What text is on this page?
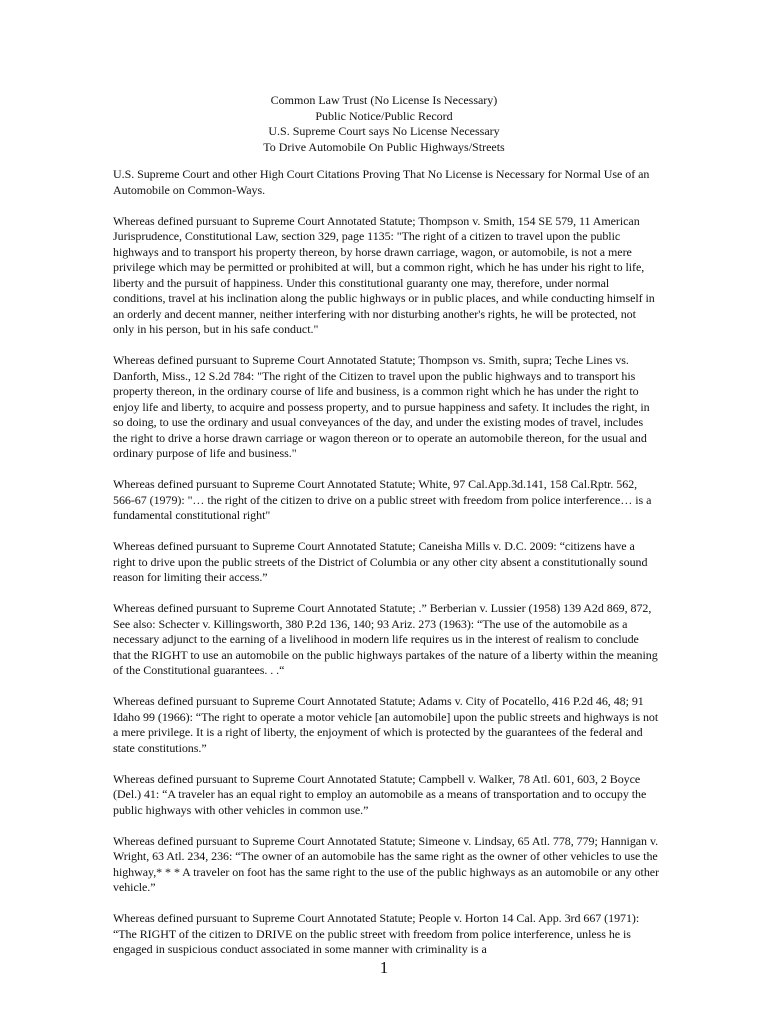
Common Law Trust (No License Is Necessary)
Public Notice/Public Record
U.S. Supreme Court says No License Necessary
To Drive Automobile On Public Highways/Streets

U.S. Supreme Court and other High Court Citations Proving That No License is Necessary for Normal Use of an Automobile on Common-Ways.

Whereas defined pursuant to Supreme Court Annotated Statute; Thompson v. Smith, 154 SE 579, 11 American Jurisprudence, Constitutional Law, section 329, page 1135: "The right of a citizen to travel upon the public highways and to transport his property thereon, by horse drawn carriage, wagon, or automobile, is not a mere privilege which may be permitted or prohibited at will, but a common right, which he has under his right to life, liberty and the pursuit of happiness. Under this constitutional guaranty one may, therefore, under normal conditions, travel at his inclination along the public highways or in public places, and while conducting himself in an orderly and decent manner, neither interfering with nor disturbing another's rights, he will be protected, not only in his person, but in his safe conduct."

Whereas defined pursuant to Supreme Court Annotated Statute; Thompson vs. Smith, supra; Teche Lines vs. Danforth, Miss., 12 S.2d 784: "The right of the Citizen to travel upon the public highways and to transport his property thereon, in the ordinary course of life and business, is a common right which he has under the right to enjoy life and liberty, to acquire and possess property, and to pursue happiness and safety. It includes the right, in so doing, to use the ordinary and usual conveyances of the day, and under the existing modes of travel, includes the right to drive a horse drawn carriage or wagon thereon or to operate an automobile thereon, for the usual and ordinary purpose of life and business."

Whereas defined pursuant to Supreme Court Annotated Statute; White, 97 Cal.App.3d.141, 158 Cal.Rptr. 562, 566-67 (1979): "… the right of the citizen to drive on a public street with freedom from police interference… is a fundamental constitutional right"

Whereas defined pursuant to Supreme Court Annotated Statute; Caneisha Mills v. D.C. 2009: “citizens have a right to drive upon the public streets of the District of Columbia or any other city absent a constitutionally sound reason for limiting their access.”

Whereas defined pursuant to Supreme Court Annotated Statute; .” Berberian v. Lussier (1958) 139 A2d 869, 872, See also: Schecter v. Killingsworth, 380 P.2d 136, 140; 93 Ariz. 273 (1963): “The use of the automobile as a necessary adjunct to the earning of a livelihood in modern life requires us in the interest of realism to conclude that the RIGHT to use an automobile on the public highways partakes of the nature of a liberty within the meaning of the Constitutional guarantees. . .“

Whereas defined pursuant to Supreme Court Annotated Statute; Adams v. City of Pocatello, 416 P.2d 46, 48; 91 Idaho 99 (1966): “The right to operate a motor vehicle [an automobile] upon the public streets and highways is not a mere privilege. It is a right of liberty, the enjoyment of which is protected by the guarantees of the federal and state constitutions.”

Whereas defined pursuant to Supreme Court Annotated Statute; Campbell v. Walker, 78 Atl. 601, 603, 2 Boyce (Del.) 41: “A traveler has an equal right to employ an automobile as a means of transportation and to occupy the public highways with other vehicles in common use.”

Whereas defined pursuant to Supreme Court Annotated Statute; Simeone v. Lindsay, 65 Atl. 778, 779; Hannigan v. Wright, 63 Atl. 234, 236: “The owner of an automobile has the same right as the owner of other vehicles to use the highway,* * * A traveler on foot has the same right to the use of the public highways as an automobile or any other vehicle.”

Whereas defined pursuant to Supreme Court Annotated Statute; People v. Horton 14 Cal. App. 3rd 667 (1971): “The RIGHT of the citizen to DRIVE on the public street with freedom from police interference, unless he is engaged in suspicious conduct associated in some manner with criminality is a

1
